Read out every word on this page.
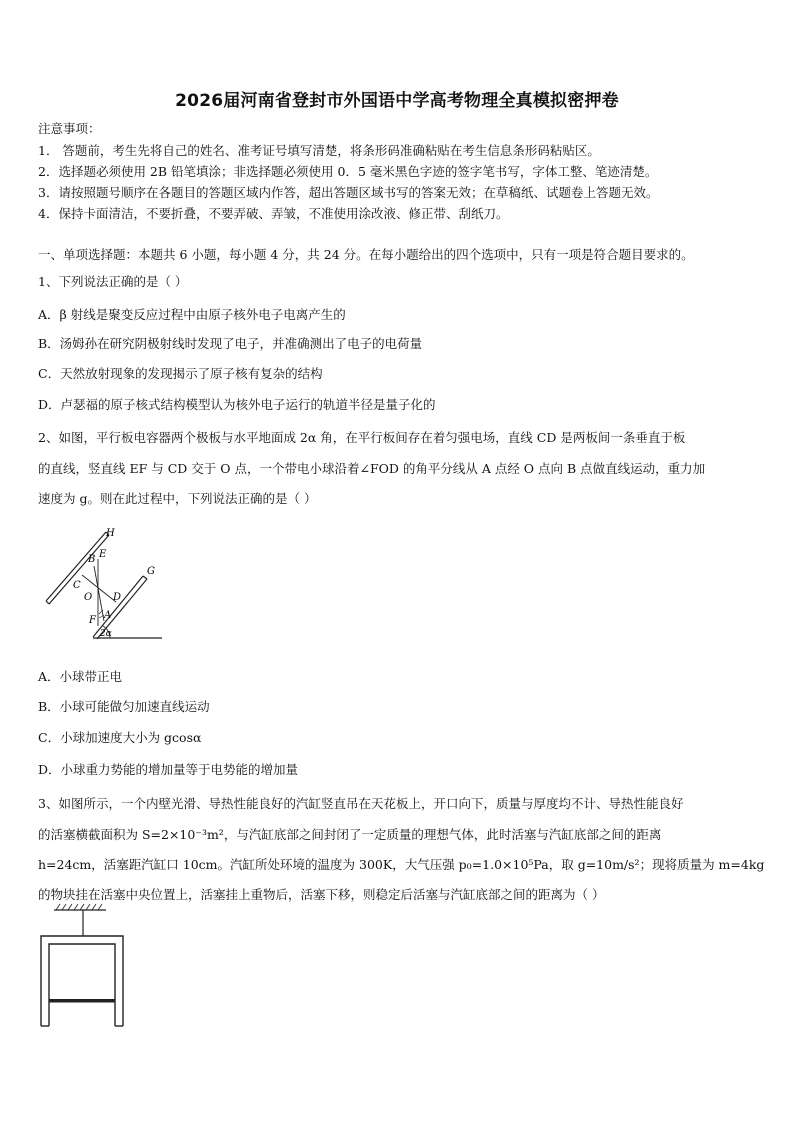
2026届河南省登封市外国语中学高考物理全真模拟密押卷
注意事项：
1． 答题前，考生先将自己的姓名、准考证号填写清楚，将条形码准确粘贴在考生信息条形码粘贴区。
2．选择题必须使用 2B 铅笔填涂；非选择题必须使用 0．5 毫米黑色字迹的签字笔书写，字体工整、笔迹清楚。
3．请按照题号顺序在各题目的答题区域内作答，超出答题区域书写的答案无效；在草稿纸、试题卷上答题无效。
4．保持卡面清洁，不要折叠，不要弄破、弄皱，不准使用涂改液、修正带、刮纸刀。
一、单项选择题：本题共 6 小题，每小题 4 分，共 24 分。在每小题给出的四个选项中，只有一项是符合题目要求的。
1、下列说法正确的是（ ）
A．β 射线是聚变反应过程中由原子核外电子电离产生的
B．汤姆孙在研究阴极射线时发现了电子，并准确测出了电子的电荷量
C．天然放射现象的发现揭示了原子核有复杂的结构
D．卢瑟福的原子核式结构模型认为核外电子运行的轨道半径是量子化的
2、如图，平行板电容器两个极板与水平地面成 2α 角，在平行板间存在着匀强电场，直线 CD 是两板间一条垂直于板
的直线，竖直线 EF 与 CD 交于 O 点，一个带电小球沿着∠FOD 的角平分线从 A 点经 O 点向 B 点做直线运动，重力加
速度为 g。则在此过程中，下列说法正确的是（ ）
H
G
B E
C
O D
A
F
2α
A．小球带正电
B．小球可能做匀加速直线运动
C．小球加速度大小为 gcosα
D．小球重力势能的增加量等于电势能的增加量
3、如图所示，一个内壁光滑、导热性能良好的汽缸竖直吊在天花板上，开口向下，质量与厚度均不计、导热性能良好
的活塞横截面积为 S=2×10⁻³m²，与汽缸底部之间封闭了一定质量的理想气体，此时活塞与汽缸底部之间的距离
h=24cm，活塞距汽缸口 10cm。汽缸所处环境的温度为 300K，大气压强 p₀=1.0×10⁵Pa，取 g=10m/s²；现将质量为 m=4kg
的物块挂在活塞中央位置上，活塞挂上重物后，活塞下移，则稳定后活塞与汽缸底部之间的距离为（ ）
